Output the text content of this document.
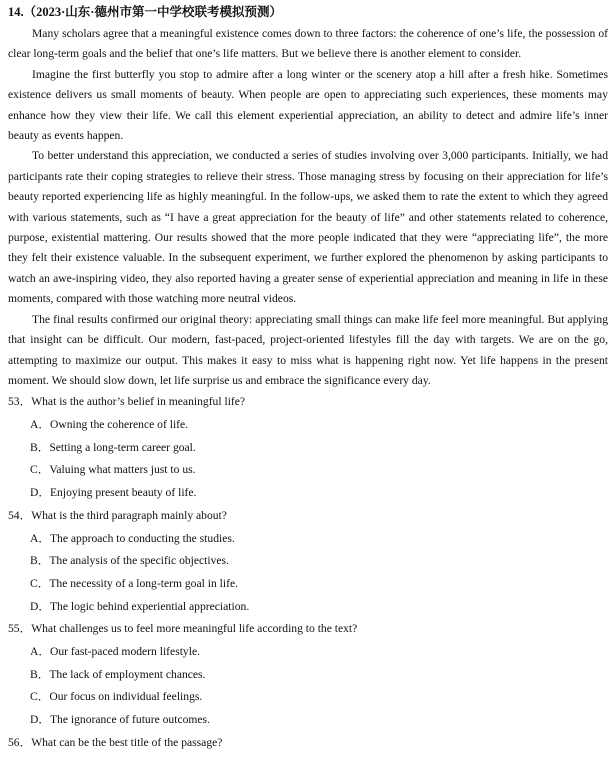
14.（2023·山东·德州市第一中学校联考模拟预测）

Many scholars agree that a meaningful existence comes down to three factors: the coherence of one’s life, the possession of clear long-term goals and the belief that one’s life matters. But we believe there is another element to consider.

Imagine the first butterfly you stop to admire after a long winter or the scenery atop a hill after a fresh hike. Sometimes existence delivers us small moments of beauty. When people are open to appreciating such experiences, these moments may enhance how they view their life. We call this element experiential appreciation, an ability to detect and admire life’s inner beauty as events happen.

To better understand this appreciation, we conducted a series of studies involving over 3,000 participants. Initially, we had participants rate their coping strategies to relieve their stress. Those managing stress by focusing on their appreciation for life’s beauty reported experiencing life as highly meaningful. In the follow-ups, we asked them to rate the extent to which they agreed with various statements, such as “I have a great appreciation for the beauty of life” and other statements related to coherence, purpose, existential mattering. Our results showed that the more people indicated that they were “appreciating life”, the more they felt their existence valuable. In the subsequent experiment, we further explored the phenomenon by asking participants to watch an awe-inspiring video, they also reported having a greater sense of experiential appreciation and meaning in life in these moments, compared with those watching more neutral videos.

The final results confirmed our original theory: appreciating small things can make life feel more meaningful. But applying that insight can be difficult. Our modern, fast-paced, project-oriented lifestyles fill the day with targets. We are on the go, attempting to maximize our output. This makes it easy to miss what is happening right now. Yet life happens in the present moment. We should slow down, let life surprise us and embrace the significance every day.

53．What is the author’s belief in meaningful life?

A．Owning the coherence of life.

B．Setting a long-term career goal.

C．Valuing what matters just to us.

D．Enjoying present beauty of life.

54．What is the third paragraph mainly about?

A．The approach to conducting the studies.

B．The analysis of the specific objectives.

C．The necessity of a long-term goal in life.

D．The logic behind experiential appreciation.

55．What challenges us to feel more meaningful life according to the text?

A．Our fast-paced modern lifestyle.

B．The lack of employment chances.

C．Our focus on individual feelings.

D．The ignorance of future outcomes.

56．What can be the best title of the passage?
